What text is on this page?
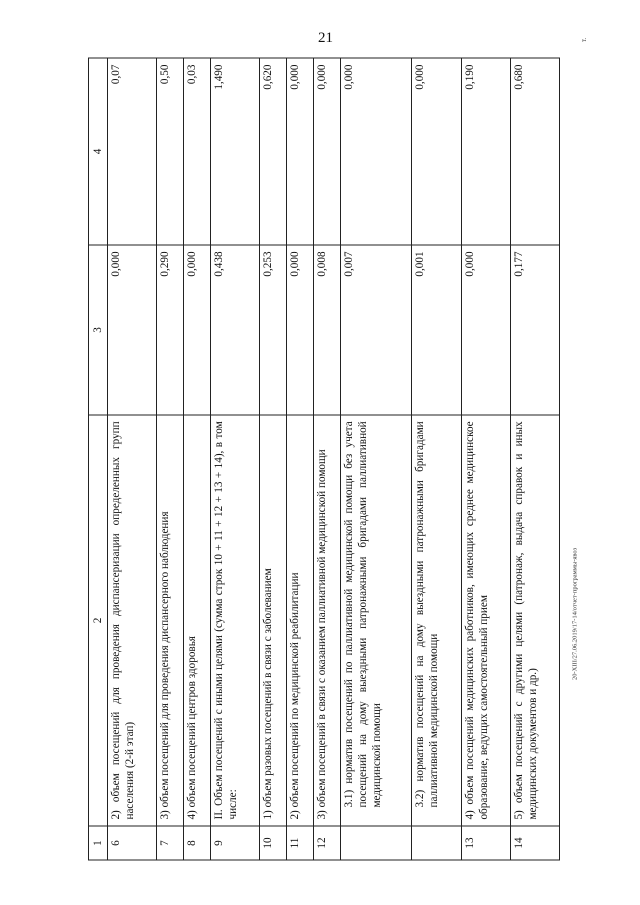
21	т.
20-XIII/27.06.2019/17-14/отчет-программы-явоз
1	2	3	4
6	2) объем посещений для проведения диспансеризации определенных групп населения (2-й этап)	0,000	0,07
7	3) объем посещений для проведения диспансерного наблюдения	0,290	0,50
8	4) объем посещений центров здоровья	0,000	0,03
9	II. Объем посещений с иными целями (сумма строк 10 + 11 + 12 + 13 + 14), в том числе:	0,438	1,490
10	1) объем разовых посещений в связи с заболеванием	0,253	0,620
11	2) объем посещений по медицинской реабилитации	0,000	0,000
12	3) объем посещений в связи с оказанием паллиативной медицинской помощи	0,008	0,000
	3.1) норматив посещений по паллиативной медицинской помощи без учета посещений на дому выездными патронажными бригадами паллиативной медицинской помощи	0,007	0,000
	3.2) норматив посещений на дому выездными патронажными бригадами паллиативной медицинской помощи	0,001	0,000
13	4) объем посещений медицинских работников, имеющих среднее медицинское образование, ведущих самостоятельный прием	0,000	0,190
14	5) объем посещений с другими целями (патронаж, выдача справок и иных медицинских документов и др.)	0,177	0,680
